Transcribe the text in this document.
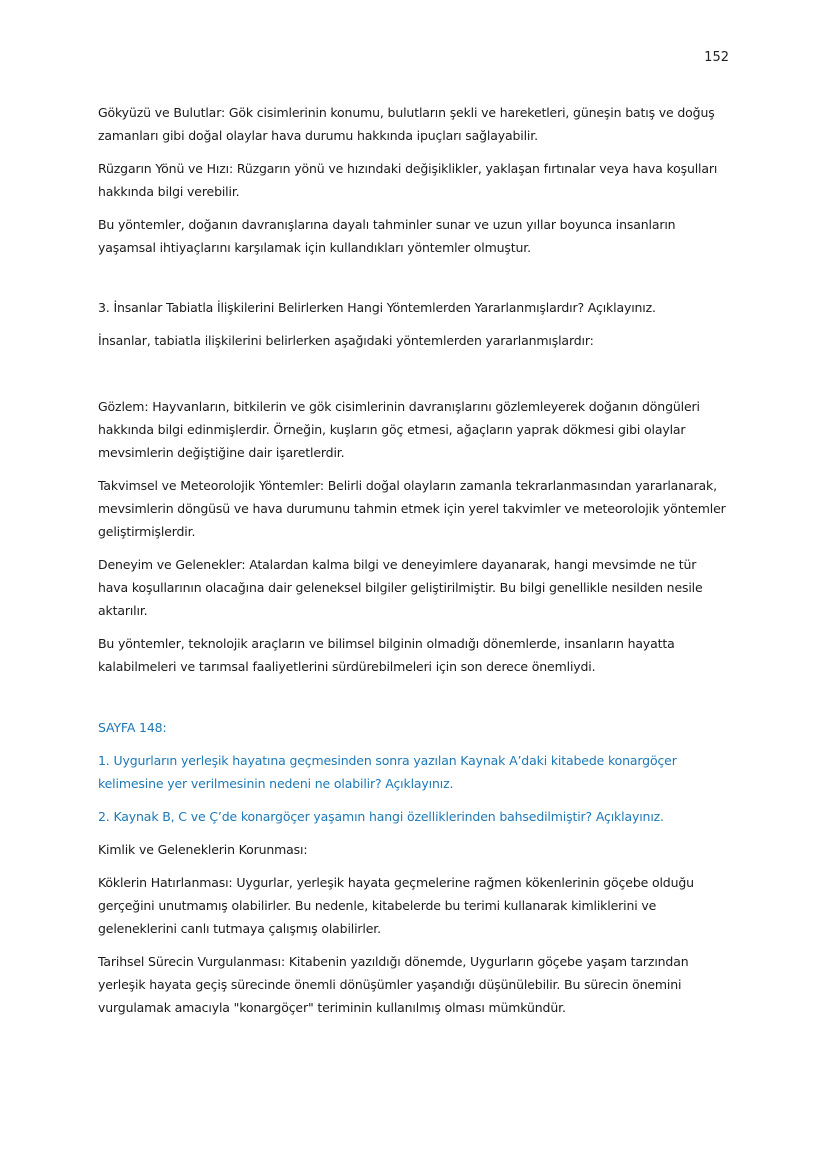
152

Gökyüzü ve Bulutlar: Gök cisimlerinin konumu, bulutların şekli ve hareketleri, güneşin batış ve doğuş zamanları gibi doğal olaylar hava durumu hakkında ipuçları sağlayabilir.

Rüzgarın Yönü ve Hızı: Rüzgarın yönü ve hızındaki değişiklikler, yaklaşan fırtınalar veya hava koşulları hakkında bilgi verebilir.

Bu yöntemler, doğanın davranışlarına dayalı tahminler sunar ve uzun yıllar boyunca insanların yaşamsal ihtiyaçlarını karşılamak için kullandıkları yöntemler olmuştur.

3. İnsanlar Tabiatla İlişkilerini Belirlerken Hangi Yöntemlerden Yararlanmışlardır? Açıklayınız.

İnsanlar, tabiatla ilişkilerini belirlerken aşağıdaki yöntemlerden yararlanmışlardır:

Gözlem: Hayvanların, bitkilerin ve gök cisimlerinin davranışlarını gözlemleyerek doğanın döngüleri hakkında bilgi edinmişlerdir. Örneğin, kuşların göç etmesi, ağaçların yaprak dökmesi gibi olaylar mevsimlerin değiştiğine dair işaretlerdir.

Takvimsel ve Meteorolojik Yöntemler: Belirli doğal olayların zamanla tekrarlanmasından yararlanarak, mevsimlerin döngüsü ve hava durumunu tahmin etmek için yerel takvimler ve meteorolojik yöntemler geliştirmişlerdir.

Deneyim ve Gelenekler: Atalardan kalma bilgi ve deneyimlere dayanarak, hangi mevsimde ne tür hava koşullarının olacağına dair geleneksel bilgiler geliştirilmiştir. Bu bilgi genellikle nesilden nesile aktarılır.

Bu yöntemler, teknolojik araçların ve bilimsel bilginin olmadığı dönemlerde, insanların hayatta kalabilmeleri ve tarımsal faaliyetlerini sürdürebilmeleri için son derece önemliydi.

SAYFA 148:

1. Uygurların yerleşik hayatına geçmesinden sonra yazılan Kaynak A’daki kitabede konargöçer kelimesine yer verilmesinin nedeni ne olabilir? Açıklayınız.

2. Kaynak B, C ve Ç’de konargöçer yaşamın hangi özelliklerinden bahsedilmiştir? Açıklayınız.

Kimlik ve Geleneklerin Korunması:

Köklerin Hatırlanması: Uygurlar, yerleşik hayata geçmelerine rağmen kökenlerinin göçebe olduğu gerçeğini unutmamış olabilirler. Bu nedenle, kitabelerde bu terimi kullanarak kimliklerini ve geleneklerini canlı tutmaya çalışmış olabilirler.

Tarihsel Sürecin Vurgulanması: Kitabenin yazıldığı dönemde, Uygurların göçebe yaşam tarzından yerleşik hayata geçiş sürecinde önemli dönüşümler yaşandığı düşünülebilir. Bu sürecin önemini vurgulamak amacıyla "konargöçer" teriminin kullanılmış olması mümkündür.
